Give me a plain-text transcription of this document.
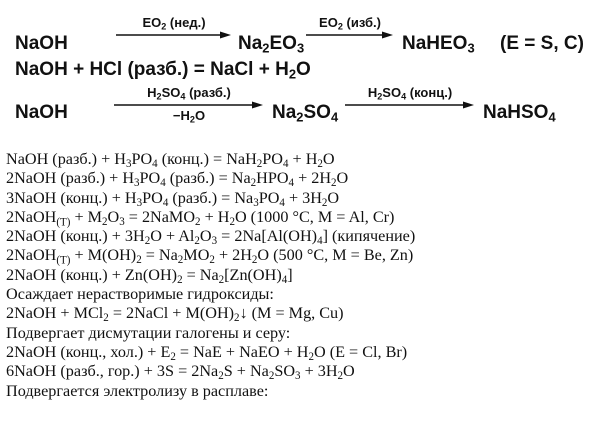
NaOH
$EO_2$ (нед.)
$Na_2EO_3$
$EO_2$ (изб.)
NaHEO$_3$ (E = S, C)
NaOH + HCl (разб.) = NaCl + $H_2O$
NaOH
$H_2SO_4$ (разб.)
$-H_2O$	$Na_2SO_4$
$H_2SO_4$ (конц.)
NaHSO$_4$
NaOH (разб.) + $H_3PO_4$ (конц.) = $NaH_2PO_4 + H_2O$
2NaOH (разб.) + $H_3PO_4$ (разб.) = $Na_2HPO_4 + 2H_2O$
3NaOH (конц.) + $H_3PO_4$ (разб.) = $Na_3PO_4 + 3H_2O$
2NaOH$_{(T)}$ + $M_2O_3$ = 2NaMO$_2$ + $H_2O$ (1000 °C, M = Al, Cr)
2NaOH (конц.) + $3H_2O + Al_2O_3 = 2Na[Al(OH)_4]$ (кипячение)
2NaOH$_{(T)}$ + $M(OH)_2 = Na_2MO_2 + 2H_2O$ (500 °C, M = Be, Zn)
2NaOH (конц.) + $Zn(OH)_2 = Na_2[Zn(OH)_4]$
Осаждает нерастворимые гидроксиды:
2NaOH + MCl$_2$ = 2NaCl + $M(OH)_2↓$ (M = Mg, Cu)
Подвергает дисмутации галогены и серу:
2NaOH (конц., $хол.) + E_2$ = NaE + NaEO + $H_2O$ (E = Cl, Br)
6NaOH (разб., $гор.) + 3S = 2Na_2S + Na_2SO_3 + 3H_2O$
Подвергается электролизу в расплаве:
